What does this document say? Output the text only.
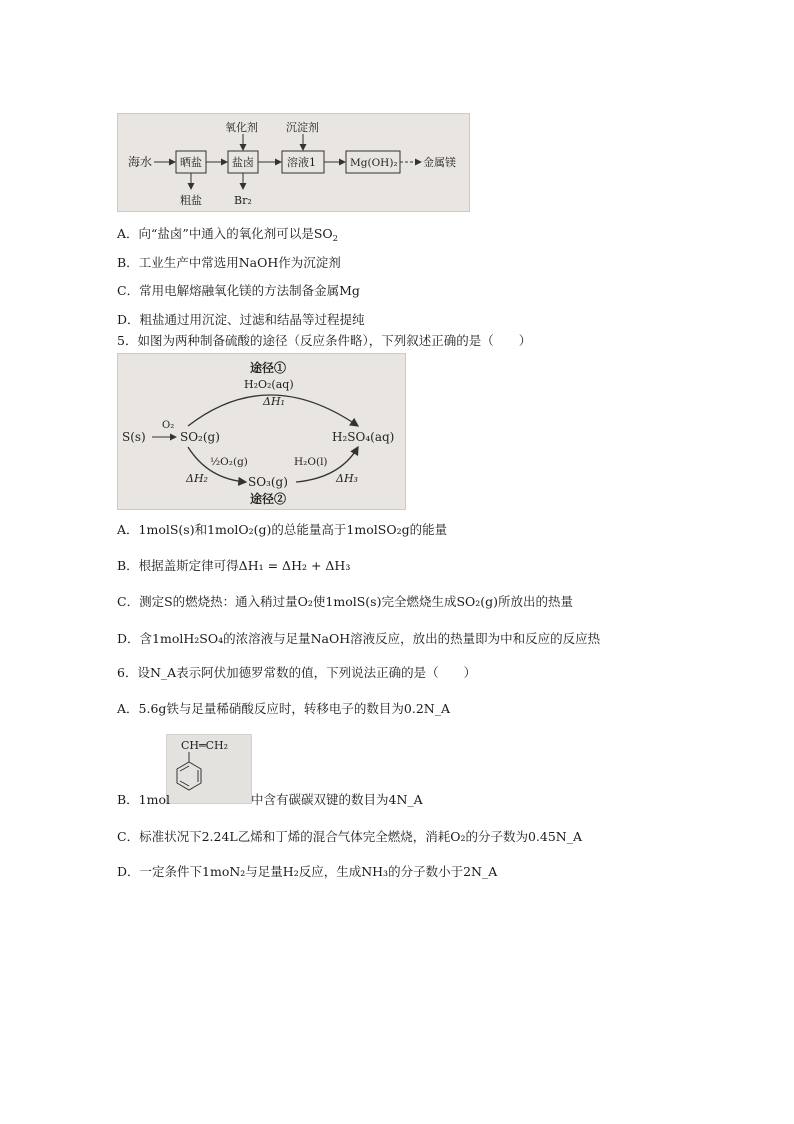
海水	晒盐	盐卤	溶液1	Mg(OH)₂ 金属镁
氧化剂	沉淀剂
粗盐	Br₂
A．向“盐卤”中通入的氧化剂可以是$SO_2$
B．工业生产中常选用NaOH作为沉淀剂
C．常用电解熔融氧化镁的方法制备金属Mg
D．粗盐通过用沉淀、过滤和结晶等过程提纯
5．如图为两种制备硫酸的途径（反应条件略），下列叙述正确的是（　　）
途径①
H₂O₂(aq)
ΔH₁
S(s)
O₂
SO₂(g)	H₂SO₄(aq)
½O₂(g)
ΔH₂	SO₃(g)
H₂O(l)
ΔH₃
途径②
A．1molS(s)和1molO₂(g)的总能量高于1molSO₂g的能量
B．根据盖斯定律可得ΔH₁ = ΔH₂ + ΔH₃
C．测定S的燃烧热：通入稍过量O₂使1molS(s)完全燃烧生成SO₂(g)所放出的热量
D．含1molH₂SO₄的浓溶液与足量NaOH溶液反应，放出的热量即为中和反应的反应热
6．设N_A表示阿伏加德罗常数的值，下列说法正确的是（　　）
A．5.6g铁与足量稀硝酸反应时，转移电子的数目为0.2N_A
CH═CH₂
B．1mol	中含有碳碳双键的数目为4N_A
C．标准状况下2.24L乙烯和丁烯的混合气体完全燃烧，消耗O₂的分子数为0.45N_A
D．一定条件下1moN₂与足量H₂反应，生成NH₃的分子数小于2N_A
